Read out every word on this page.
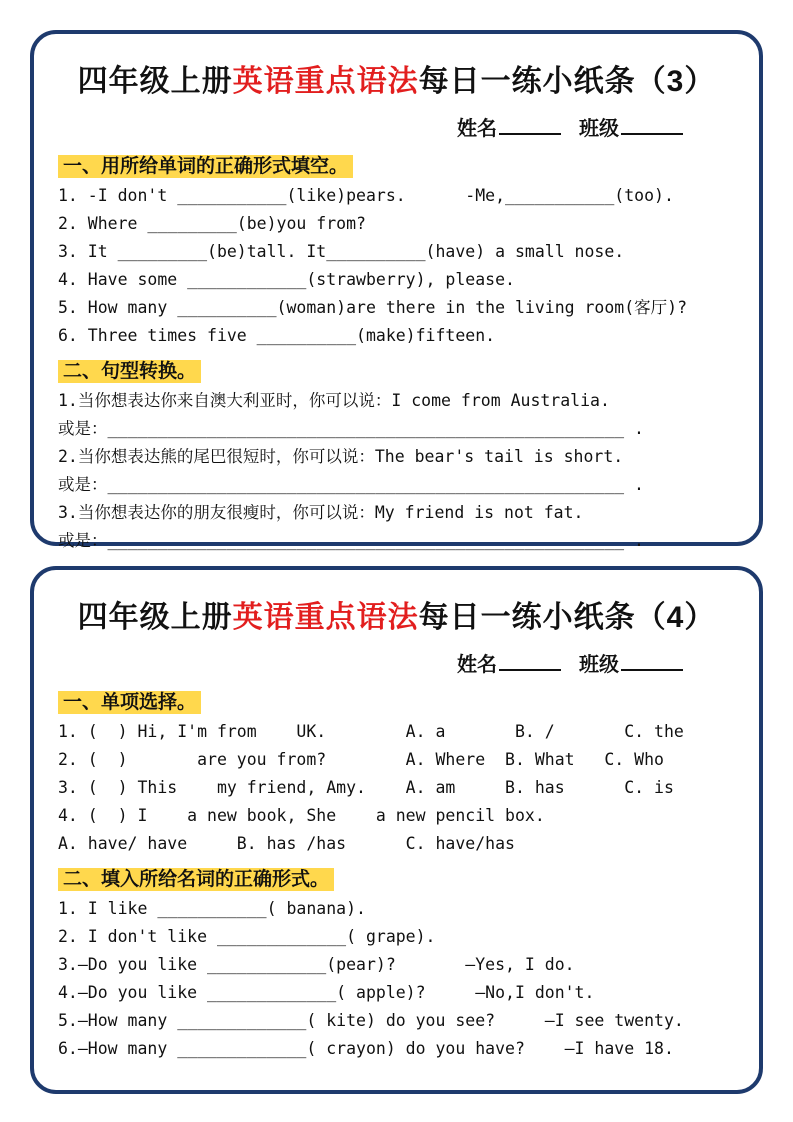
四年级上册英语重点语法每日一练小纸条（3）
姓名	班级
一、用所给单词的正确形式填空。
1. -I don't ___________(like)pears.      -Me,___________(too).
2. Where _________(be)you from?
3. It _________(be)tall. It__________(have) a small nose.
4. Have some ____________(strawberry), please.
5. How many __________(woman)are there in the living room(客厅)?
6. Three times five __________(make)fifteen.
二、句型转换。
1.当你想表达你来自澳大利亚时，你可以说：I come from Australia.
或是：____________________________________________________ .
2.当你想表达熊的尾巴很短时，你可以说：The bear's tail is short.
或是：____________________________________________________ .
3.当你想表达你的朋友很瘦时，你可以说：My friend is not fat.
或是：____________________________________________________ .
四年级上册英语重点语法每日一练小纸条（4）
姓名	班级
一、单项选择。
1. (  ) Hi, I'm from    UK.        A. a       B. /       C. the
2. (  )       are you from?        A. Where  B. What   C. Who
3. (  ) This    my friend, Amy.    A. am     B. has      C. is
4. (  ) I    a new book, She    a new pencil box.
A. have/ have     B. has /has      C. have/has
二、填入所给名词的正确形式。
1. I like ___________( banana).
2. I don't like _____________( grape).
3.—Do you like ____________(pear)?       —Yes, I do.
4.—Do you like _____________( apple)?     —No,I don't.
5.—How many _____________( kite) do you see?     —I see twenty.
6.—How many _____________( crayon) do you have?    —I have 18.
